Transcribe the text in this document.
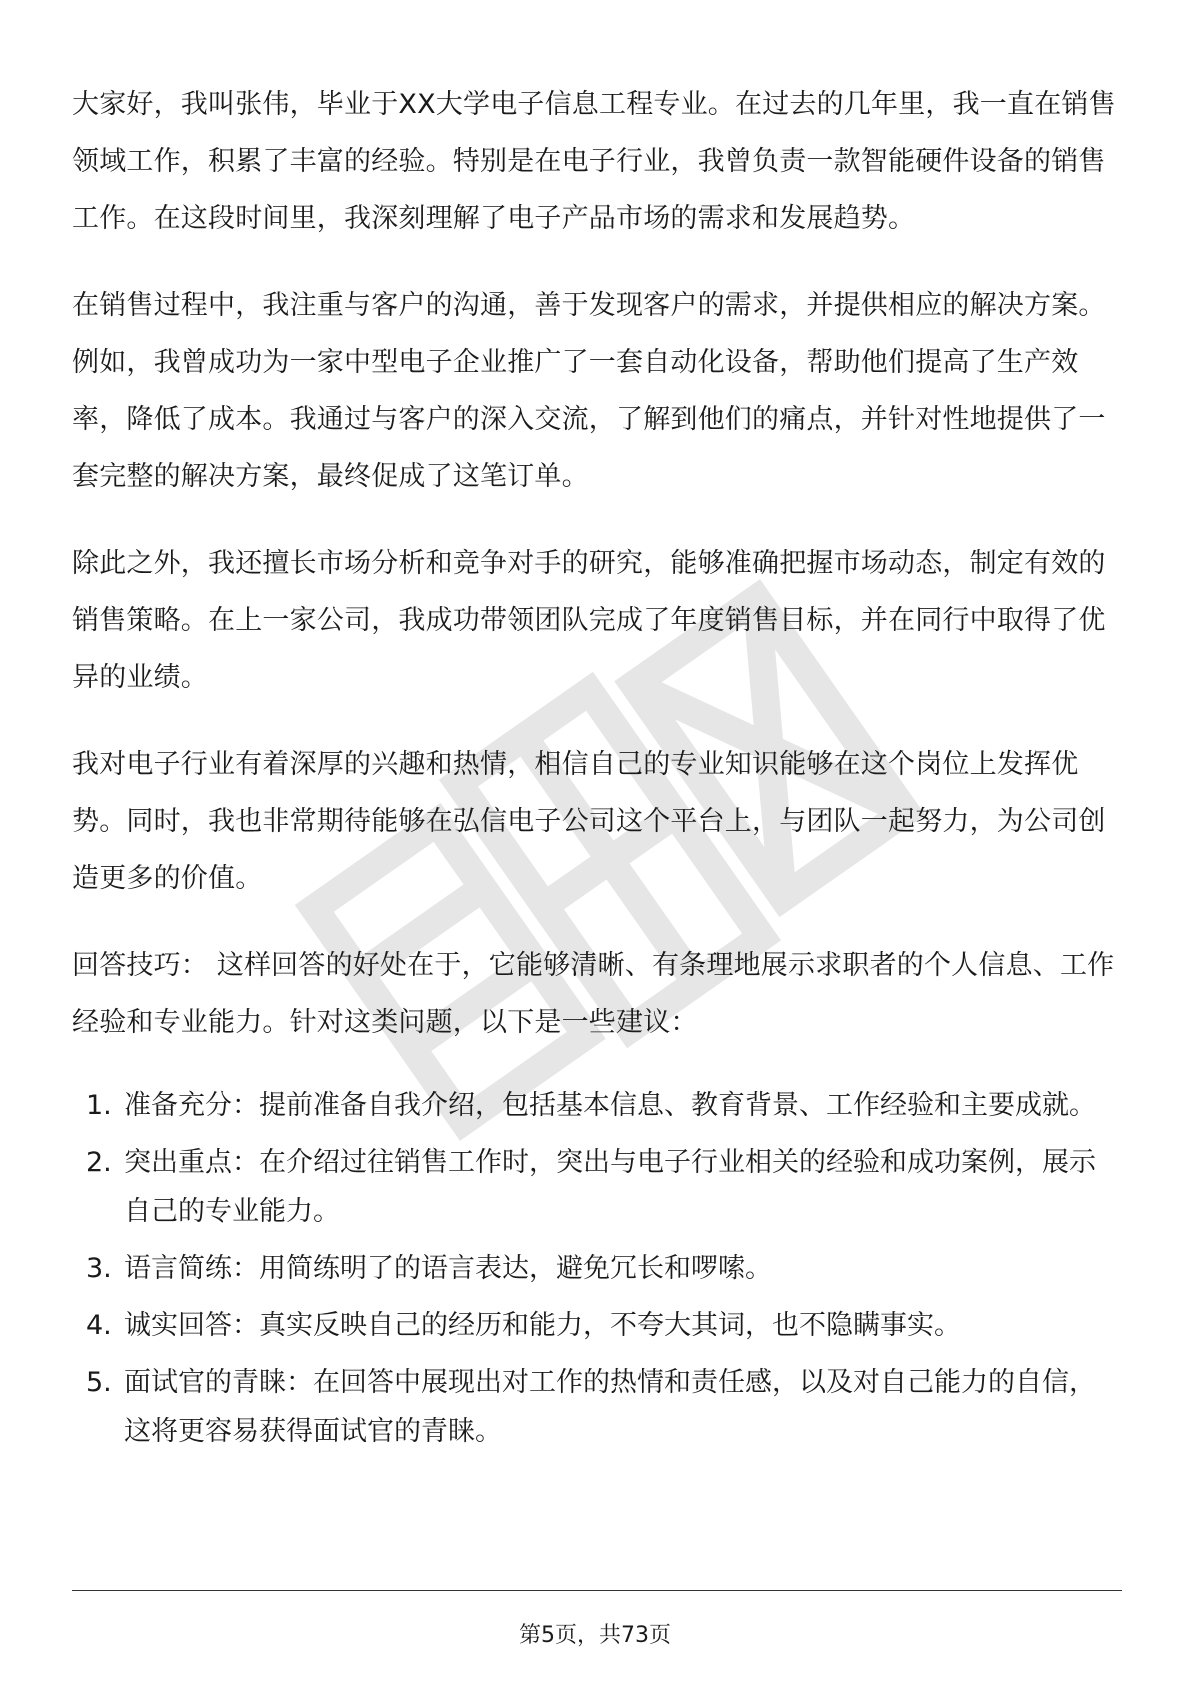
大家好，我叫张伟，毕业于XX大学电子信息工程专业。在过去的几年里，我一直在销售领域工作，积累了丰富的经验。特别是在电子行业，我曾负责一款智能硬件设备的销售工作。在这段时间里，我深刻理解了电子产品市场的需求和发展趋势。

在销售过程中，我注重与客户的沟通，善于发现客户的需求，并提供相应的解决方案。例如，我曾成功为一家中型电子企业推广了一套自动化设备，帮助他们提高了生产效率，降低了成本。我通过与客户的深入交流，了解到他们的痛点，并针对性地提供了一套完整的解决方案，最终促成了这笔订单。

除此之外，我还擅长市场分析和竞争对手的研究，能够准确把握市场动态，制定有效的销售策略。在上一家公司，我成功带领团队完成了年度销售目标，并在同行中取得了优异的业绩。

我对电子行业有着深厚的兴趣和热情，相信自己的专业知识能够在这个岗位上发挥优势。同时，我也非常期待能够在弘信电子公司这个平台上，与团队一起努力，为公司创造更多的价值。

回答技巧： 这样回答的好处在于，它能够清晰、有条理地展示求职者的个人信息、工作经验和专业能力。针对这类问题，以下是一些建议：

1. 准备充分：提前准备自我介绍，包括基本信息、教育背景、工作经验和主要成就。
2. 突出重点：在介绍过往销售工作时，突出与电子行业相关的经验和成功案例，展示自己的专业能力。
3. 语言简练：用简练明了的语言表达，避免冗长和啰嗦。
4. 诚实回答：真实反映自己的经历和能力，不夸大其词，也不隐瞒事实。
5. 面试官的青睐：在回答中展现出对工作的热情和责任感，以及对自己能力的自信，这将更容易获得面试官的青睐。
第5页，共73页
